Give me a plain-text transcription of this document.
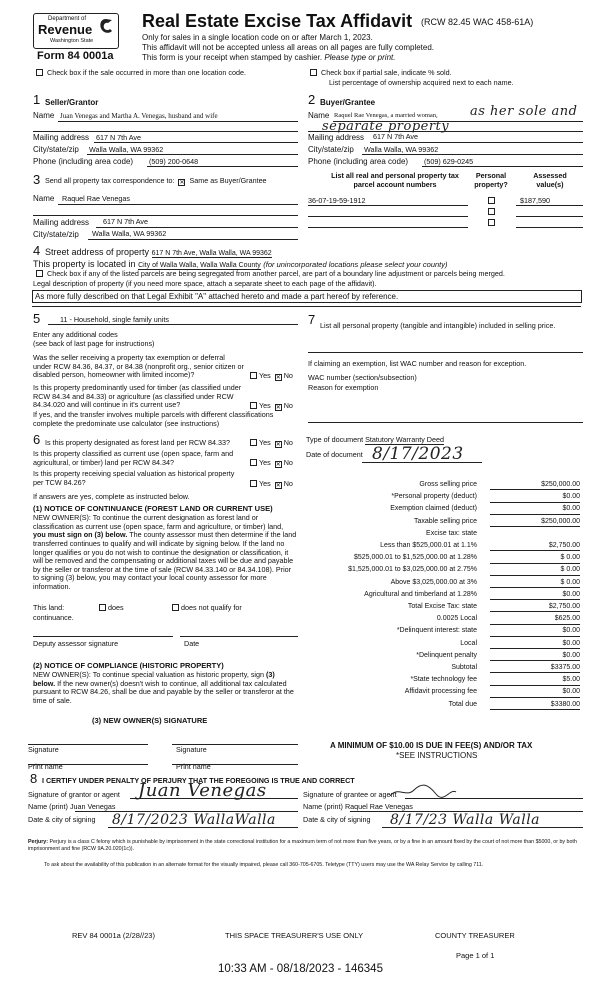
Department of
Revenue
Washington State
Form 84 0001a
Real Estate Excise Tax Affidavit (RCW 82.45 WAC 458-61A)
Only for sales in a single location code on or after March 1, 2023.
This affidavit will not be accepted unless all areas on all pages are fully completed.
This form is your receipt when stamped by cashier. Please type or print.
Check box if the sale occurred in more than one location code.	Check box if partial sale, indicate % sold.
List percentage of ownership acquired next to each name.
1 Seller/Grantor
Name Juan Venegas and Martha A. Venegas, husband and wife
Mailing address 617 N 7th Ave
City/state/zip Walla Walla, WA 99362
Phone (including area code) (509) 200-0648
2 Buyer/Grantee
Name Raquel Rae Venegas, a married woman, as her sole and
separate property
Mailing address 617 N 7th Ave
City/state/zip Walla Walla, WA 99362
Phone (including area code) (509) 629-0245
3 Send all property tax correspondence to: ✕ Same as Buyer/Grantee
Name Raquel Rae Venegas
Mailing address 617 N 7th Ave
City/state/zip Walla Walla, WA 99362
List all real and personal property tax parcel account numbers
Personal property?
Assessed value(s)
36-07-19-59-1912	$187,590
4 Street address of property 617 N 7th Ave, Walla Walla, WA 99362
This property is located in City of Walla Walla, Walla Walla County (for unincorporated locations please select your county)
Check box if any of the listed parcels are being segregated from another parcel, are part of a boundary line adjustment or parcels being merged.
Legal description of property (if you need more space, attach a separate sheet to each page of the affidavit).
As more fully described on that Legal Exhibit "A" attached hereto and made a part hereof by reference.
5	11 - Household, single family units
Enter any additional codes
(see back of last page for instructions)
Was the seller receiving a property tax exemption or deferral under RCW 84.36, 84.37, or 84.38 (nonprofit org., senior citizen or disabled person, homeowner with limited income)?	Yes ✕ No
Is this property predominantly used for timber (as classified under RCW 84.34 and 84.33) or agriculture (as classified under RCW 84.34.020 and will continue in it's current use?	Yes ✕ No
If yes, and the transfer involves multiple parcels with different classifications complete the predominate use calculator (see instructions)
7 List all personal property (tangible and intangible) included in selling price.
If claiming an exemption, list WAC number and reason for exception.
WAC number (section/subsection)
Reason for exemption
6 Is this property designated as forest land per RCW 84.33?	Yes ✕ No
Is this property classified as current use (open space, farm and agricultural, or timber) land per RCW 84.34?	Yes ✕ No
Is this property receiving special valuation as historical property per TCW 84.26?	Yes ✕ No
If answers are yes, complete as instructed below.
(1) NOTICE OF CONTINUANCE (FOREST LAND OR CURRENT USE)
NEW OWNER(S): To continue the current designation as forest land or classification as current use (open space, farm and agriculture, or timber) land, you must sign on (3) below. The county assessor must then determine if the land transferred continues to qualify and will indicate by signing below. If the land no longer qualifies or you do not wish to continue the designation or classification, it will be removed and the compensating or additional taxes will be due and payable by the seller or transferor at the time of sale (RCW 84.33.140 or 84.34.108). Prior to signing (3) below, you may contact your local county assessor for more information.
This land:	does	does not qualify for
continuance.
Deputy assessor signature	Date
(2) NOTICE OF COMPLIANCE (HISTORIC PROPERTY)
NEW OWNER(S): To continue special valuation as historic property, sign (3) below. If the new owner(s) doesn't wish to continue, all additional tax calculated pursuant to RCW 84.26, shall be due and payable by the seller or transferor at the time of sale.
(3) NEW OWNER(S) SIGNATURE
Signature	Signature
Print name	Print name
Type of document Statutory Warranty Deed
Date of document 8/17/2023
Gross selling price	$250,000.00
*Personal property (deduct)	$0.00
Exemption claimed (deduct)	$0.00
Taxable selling price	$250,000.00
Excise tax: state
Less than $525,000.01 at 1.1%	$2,750.00
$525,000.01 to $1,525,000.00 at 1.28%	$ 0.00
$1,525,000.01 to $3,025,000.00 at 2.75%	$ 0.00
Above $3,025,000.00 at 3%	$ 0.00
Agricultural and timberland at 1.28%	$0.00
Total Excise Tax: state	$2,750.00
0.0025 Local	$625.00
*Delinquent interest: state	$0.00
Local	$0.00
*Delinquent penalty	$0.00
Subtotal	$3375.00
*State technology fee	$5.00
Affidavit processing fee	$0.00
Total due	$3380.00
A MINIMUM OF $10.00 IS DUE IN FEE(S) AND/OR TAX
*SEE INSTRUCTIONS
8 I CERTIFY UNDER PENALTY OF PERJURY THAT THE FOREGOING IS TRUE AND CORRECT
Signature of grantor or agent Juan Venegas
Name (print) Juan Venegas
Date & city of signing 8/17/2023 WallaWalla
Signature of grantee or agent
Name (print) Raquel Rae Venegas
Date & city of signing 8/17/23 Walla Walla
Perjury: Perjury is a class C felony which is punishable by imprisonment in the state correctional institution for a maximum term of not more than five years, or by a fine in an amount fixed by the court of not more than $5000, or by both imprisonment and fine (RCW 9A.20.020(1c)).
To ask about the availability of this publication in an alternate format for the visually impaired, please call 360-705-6705. Teletype (TTY) users may use the WA Relay Service by calling 711.
REV 84 0001a (2/28//23)	THIS SPACE TREASURER'S USE ONLY	COUNTY TREASURER
Page 1 of 1
10:33 AM - 08/18/2023 - 146345
